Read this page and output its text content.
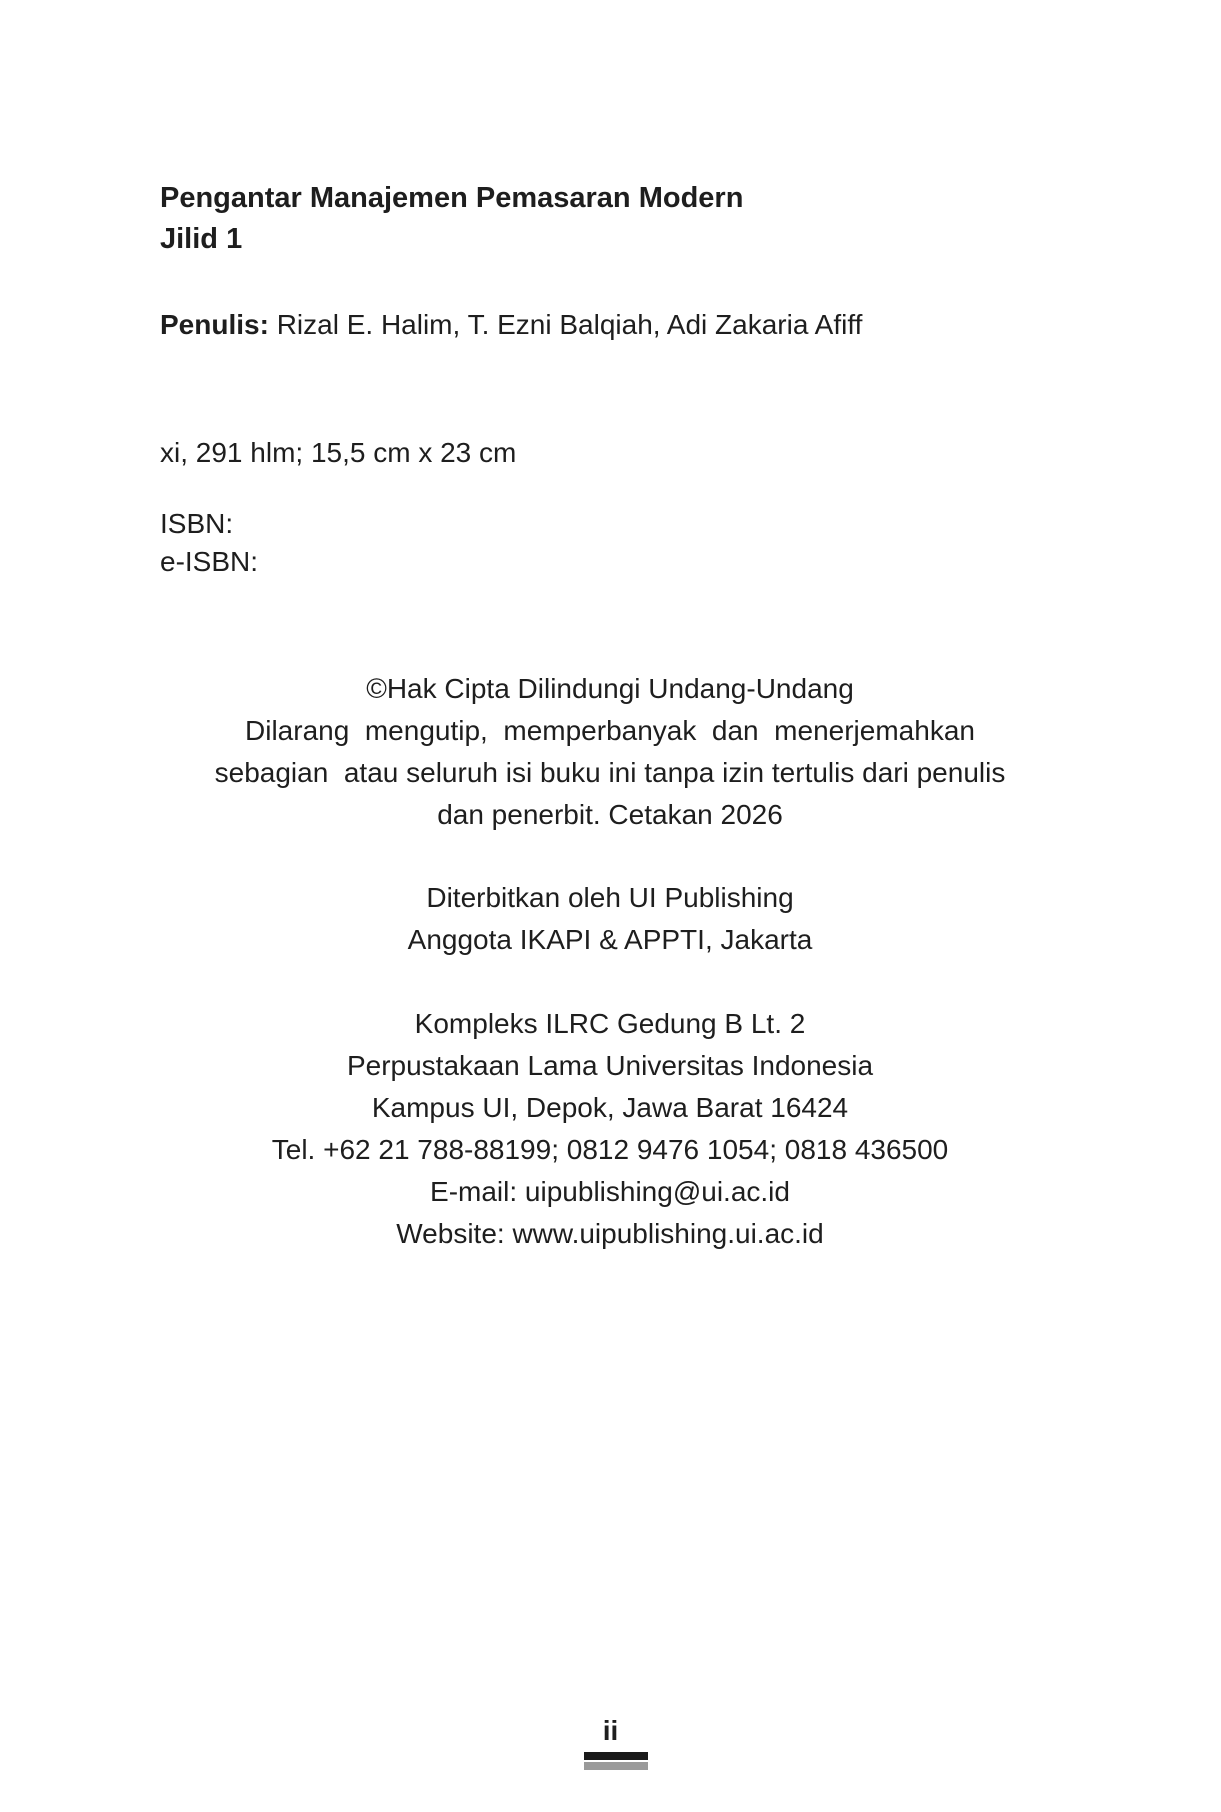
Pengantar Manajemen Pemasaran Modern
Jilid 1
Penulis: Rizal E. Halim, T. Ezni Balqiah, Adi Zakaria Afiff
xi, 291 hlm; 15,5 cm x 23 cm
ISBN:
e-ISBN:
©Hak Cipta Dilindungi Undang-Undang
Dilarang  mengutip,  memperbanyak  dan  menerjemahkan
sebagian  atau seluruh isi buku ini tanpa izin tertulis dari penulis
dan penerbit. Cetakan 2026
Diterbitkan oleh UI Publishing
Anggota IKAPI & APPTI, Jakarta
Kompleks ILRC Gedung B Lt. 2
Perpustakaan Lama Universitas Indonesia
Kampus UI, Depok, Jawa Barat 16424
Tel. +62 21 788-88199; 0812 9476 1054; 0818 436500
E-mail: uipublishing@ui.ac.id
Website: www.uipublishing.ui.ac.id
ii
